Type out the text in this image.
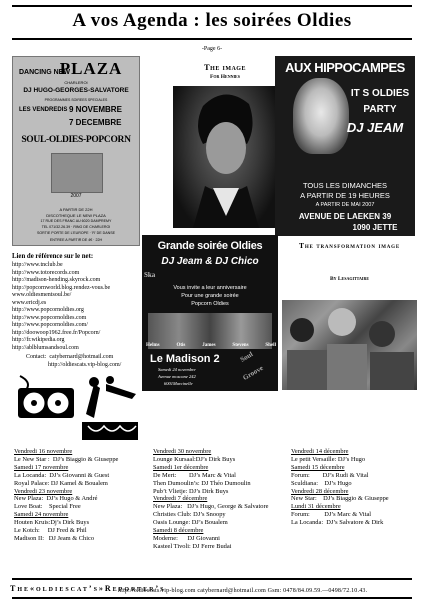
A vos Agenda : les soirées Oldies
-Page 6-
DANCING NEW
PLAZA
CHARLEROI
DJ HUGO-GEORGES-SALVATORE
PROGRAMMES SOIREES SPECIALES
LES VENDREDIS 9 NOVEMBRE
7 DECEMBRE
SOUL-OLDIES-POPCORN
2007
A PARTIR DE 22H
DISCOTHEQUE LE NEW PLAZA
17 RUE DES FRANC AU 6020 DAMPREMY
TEL 071/32.26.39 · RING DE CHARLEROI
SORTIE PORTE DE L'EUROPE · 'R' DE DANSE
ENTREE A PARTIR DE 4€ · 22H
The image
For Hennies
AUX HIPPOCAMPES
IT S OLDIES
PARTY
DJ JEAM
TOUS LES DIMANCHES
A PARTIR DE 19 HEURES
A PARTIR DE MAI 2007
AVENUE DE LAEKEN 39
1090 JETTE
Lien de référence sur le net:
http://www.tnclub.be
http://www.totorecords.com
http://madison-hending.skyrock.com
http://popcornworld.blog.rendez-vous.be
www.oldiesmentsoul.be/
www.ericdj.es
http://www.popcornoldies.org
http://www.popcornoldies.com
http://www.popcornoldies.com/
http://doowoop1962.free.fr/Popcorn/
http://fr.wikipedia.org
http://ablblumsandsoul.com
Contact: catybernard@hotmail.com
http://oldiescats.vip-blog.com/
Grande soirée Oldies
DJ Jeam & DJ Chico
Ska
Vous invite a leur anniversaire
Pour une grande soirée
Popcorn Oldies
Helms	Otis	James	Stevens	Shell
Le Madison 2
Samedi 24 novembre
Avenue moscane 242
6001Marcinelle
Soul
Groove
The transformation image
By Lesagittaire
Vendredi 16 novembre
Le New Star :  DJ’s Biaggio & Giuseppe
Samedi 17 novembre
La Locanda:  DJ’s Giovanni & Guest
Royal Palace: DJ Kamel & Boualem
Vendredi 23 novembre
New Plaza:  DJ’s Hugo & André
Love Boat:    Special Free
Samedi 24 novembre
Houten Kruis:Dj’s Dirk Buys
Le Kotch:     DJ Fred & Phil
Madison II:   DJ Jeam & Chico
Vendredi 30 novembre
Lounge Kursaal:DJ’s Dirk Buys
Samedi 1er décembre
De Mert:        DJ’s Marc & Vital
Then Dumoulin’s: DJ Théo Dumoulin
Pub’t Vlietje: DJ’s Dirk Buys
Vendredi 7 décembre
New Plaza:   DJ’s Hugo, George & Salvatore
Christies Club: DJ’s Snoopy
Oasis Lounge: DJ’s Boualem
Samedi 8 décembre
Moderne:      DJ Giovanni
Kasteel Tivoli: DJ Ferre Budai
Vendredi 14 décembre
Le petit Versaille: DJ’s Hugo
Samedi 15 décembre
Forum:        DJ’s Rudi & Vital
Sculdiana:    DJ’s Hugo
Vendredi 28 décembre
New Star:    DJ’s Biaggio & Giuseppe
Lundi 31 décembre
Forum:         DJ’s Marc & Vital
La Locanda:  DJ’s Salvatore & Dirk
The«oldiescat’s»Reporter’s
http://oldiescats.vip-blog.com catybernard@hotmail.com Gsm: 0478/84.09.59.—0498/72.10.43.
